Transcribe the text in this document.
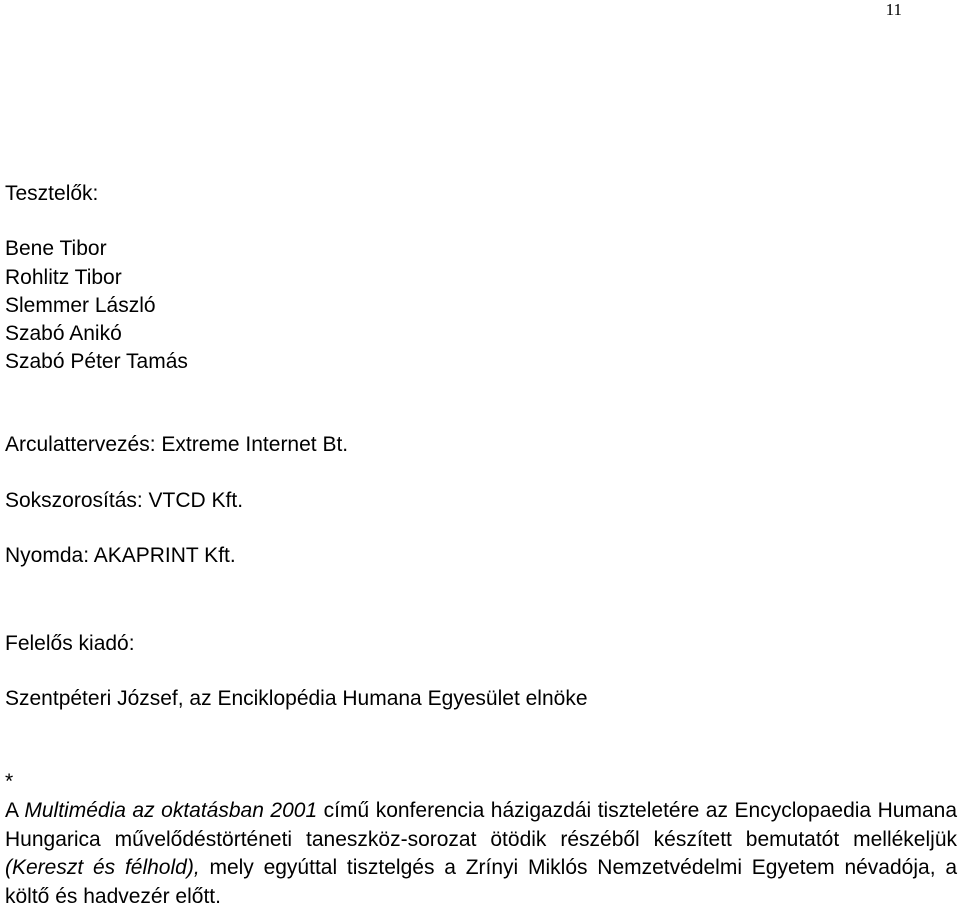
11
Tesztelők:
Bene Tibor
Rohlitz Tibor
Slemmer László
Szabó Anikó
Szabó Péter Tamás
Arculattervezés: Extreme Internet Bt.
Sokszorosítás: VTCD Kft.
Nyomda: AKAPRINT Kft.
Felelős kiadó:
Szentpéteri József, az Enciklopédia Humana Egyesület elnöke
*

A Multimédia az oktatásban 2001 című konferencia házigazdái tiszteletére az Encyclopaedia Humana Hungarica művelődéstörténeti taneszköz-sorozat ötödik részéből készített bemutatót mellékeljük (Kereszt és félhold), mely egyúttal tisztelgés a Zrínyi Miklós Nemzetvédelmi Egyetem névadója, a költő és hadvezér előtt.
